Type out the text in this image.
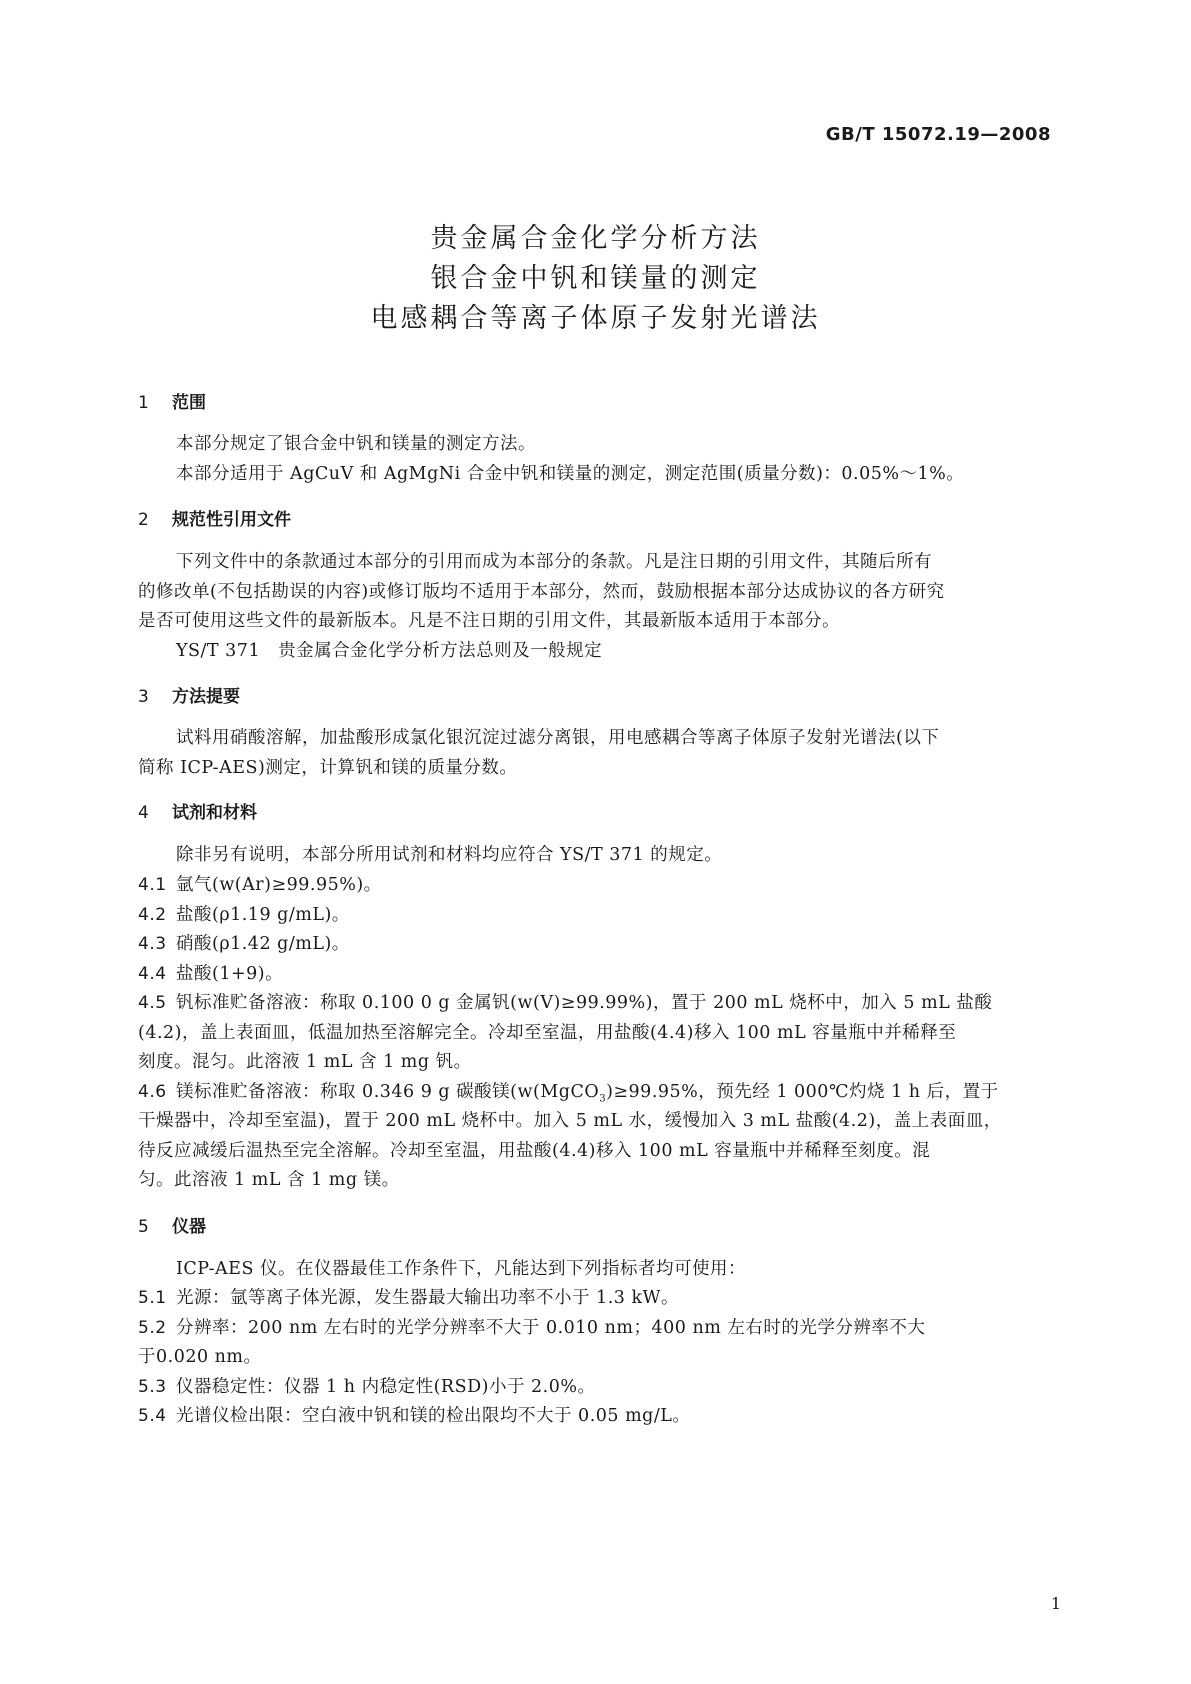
GB/T 15072.19—2008
贵金属合金化学分析方法
银合金中钒和镁量的测定
电感耦合等离子体原子发射光谱法
1 范围
本部分规定了银合金中钒和镁量的测定方法。
本部分适用于 AgCuV 和 AgMgNi 合金中钒和镁量的测定，测定范围(质量分数)：0.05%～1%。
2 规范性引用文件
下列文件中的条款通过本部分的引用而成为本部分的条款。凡是注日期的引用文件，其随后所有
的修改单(不包括勘误的内容)或修订版均不适用于本部分，然而，鼓励根据本部分达成协议的各方研究
是否可使用这些文件的最新版本。凡是不注日期的引用文件，其最新版本适用于本部分。
YS/T 371　贵金属合金化学分析方法总则及一般规定
3 方法提要
试料用硝酸溶解，加盐酸形成氯化银沉淀过滤分离银，用电感耦合等离子体原子发射光谱法(以下
简称 ICP-AES)测定，计算钒和镁的质量分数。
4 试剂和材料
除非另有说明，本部分所用试剂和材料均应符合 YS/T 371 的规定。
4.1 氩气(w(Ar)≥99.95%)。
4.2 盐酸(ρ1.19 g/mL)。
4.3 硝酸(ρ1.42 g/mL)。
4.4 盐酸(1+9)。
4.5 钒标准贮备溶液：称取 0.100 0 g 金属钒(w(V)≥99.99%)，置于 200 mL 烧杯中，加入 5 mL 盐酸
(4.2)，盖上表面皿，低温加热至溶解完全。冷却至室温，用盐酸(4.4)移入 100 mL 容量瓶中并稀释至
刻度。混匀。此溶液 1 mL 含 1 mg 钒。
4.6 镁标准贮备溶液：称取 0.346 9 g 碳酸镁(w(MgCO$_3$)≥99.95%，预先经 1 000℃灼烧 1 h 后，置于
干燥器中，冷却至室温)，置于 200 mL 烧杯中。加入 5 mL 水，缓慢加入 3 mL 盐酸(4.2)，盖上表面皿，
待反应减缓后温热至完全溶解。冷却至室温，用盐酸(4.4)移入 100 mL 容量瓶中并稀释至刻度。混
匀。此溶液 1 mL 含 1 mg 镁。
5 仪器
ICP-AES 仪。在仪器最佳工作条件下，凡能达到下列指标者均可使用：
5.1 光源：氩等离子体光源，发生器最大输出功率不小于 1.3 kW。
5.2 分辨率：200 nm 左右时的光学分辨率不大于 0.010 nm；400 nm 左右时的光学分辨率不大
于0.020 nm。
5.3 仪器稳定性：仪器 1 h 内稳定性(RSD)小于 2.0%。
5.4 光谱仪检出限：空白液中钒和镁的检出限均不大于 0.05 mg/L。
1
